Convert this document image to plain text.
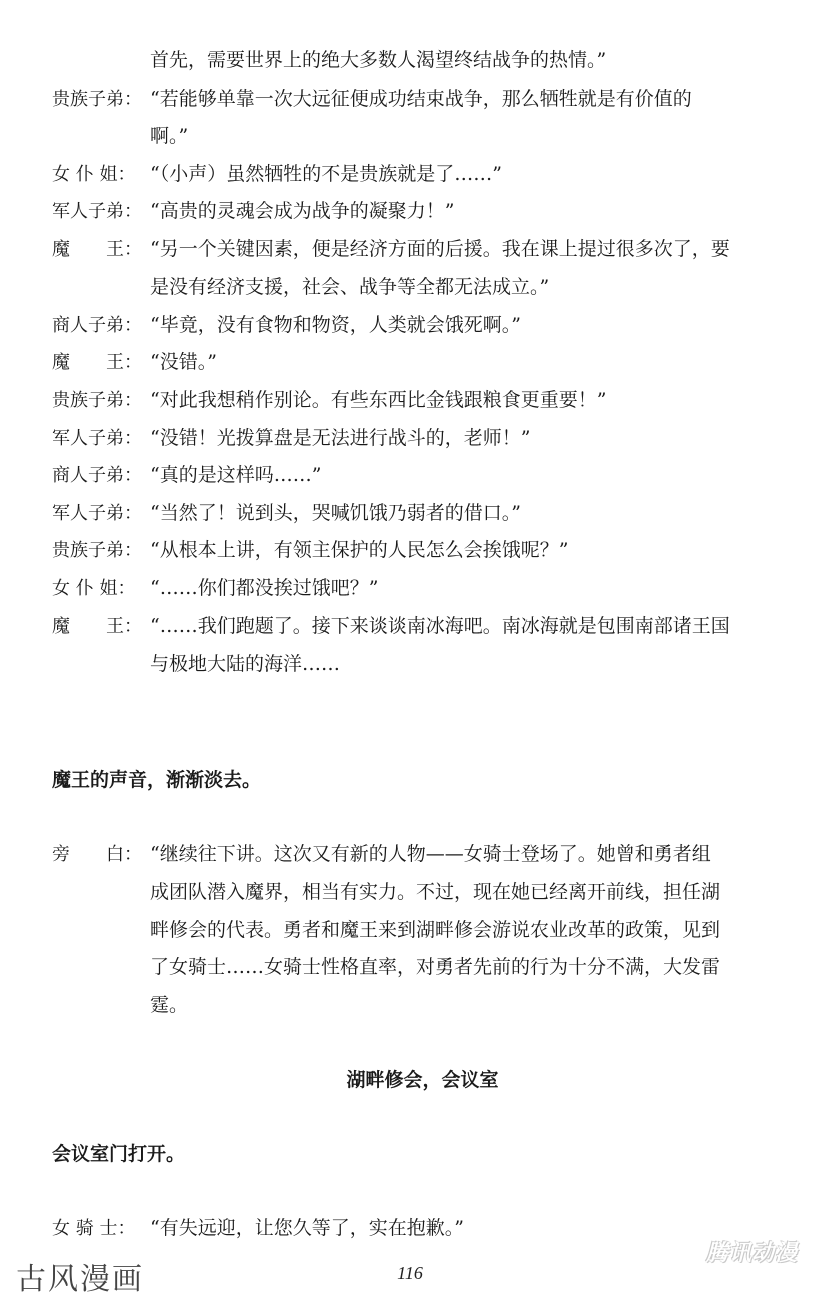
首先，需要世界上的绝大多数人渴望终结战争的热情。”
贵族子弟： “若能够单靠一次大远征便成功结束战争，那么牺牲就是有价值的
啊。”
女 仆 姐： “（小声）虽然牺牲的不是贵族就是了……”
军人子弟： “高贵的灵魂会成为战争的凝聚力！”
魔　　王： “另一个关键因素，便是经济方面的后援。我在课上提过很多次了，要
是没有经济支援，社会、战争等全都无法成立。”
商人子弟： “毕竟，没有食物和物资，人类就会饿死啊。”
魔　　王： “没错。”
贵族子弟： “对此我想稍作别论。有些东西比金钱跟粮食更重要！”
军人子弟： “没错！光拨算盘是无法进行战斗的，老师！”
商人子弟： “真的是这样吗……”
军人子弟： “当然了！说到头，哭喊饥饿乃弱者的借口。”
贵族子弟： “从根本上讲，有领主保护的人民怎么会挨饿呢？”
女 仆 姐： “……你们都没挨过饿吧？”
魔　　王： “……我们跑题了。接下来谈谈南冰海吧。南冰海就是包围南部诸王国
与极地大陆的海洋……
魔王的声音，渐渐淡去。
旁　　白： “继续往下讲。这次又有新的人物——女骑士登场了。她曾和勇者组
成团队潜入魔界，相当有实力。不过，现在她已经离开前线，担任湖
畔修会的代表。勇者和魔王来到湖畔修会游说农业改革的政策，见到
了女骑士……女骑士性格直率，对勇者先前的行为十分不满，大发雷
霆。
湖畔修会，会议室
会议室门打开。
女 骑 士： “有失远迎，让您久等了，实在抱歉。”
古风漫画	116
腾讯动漫
